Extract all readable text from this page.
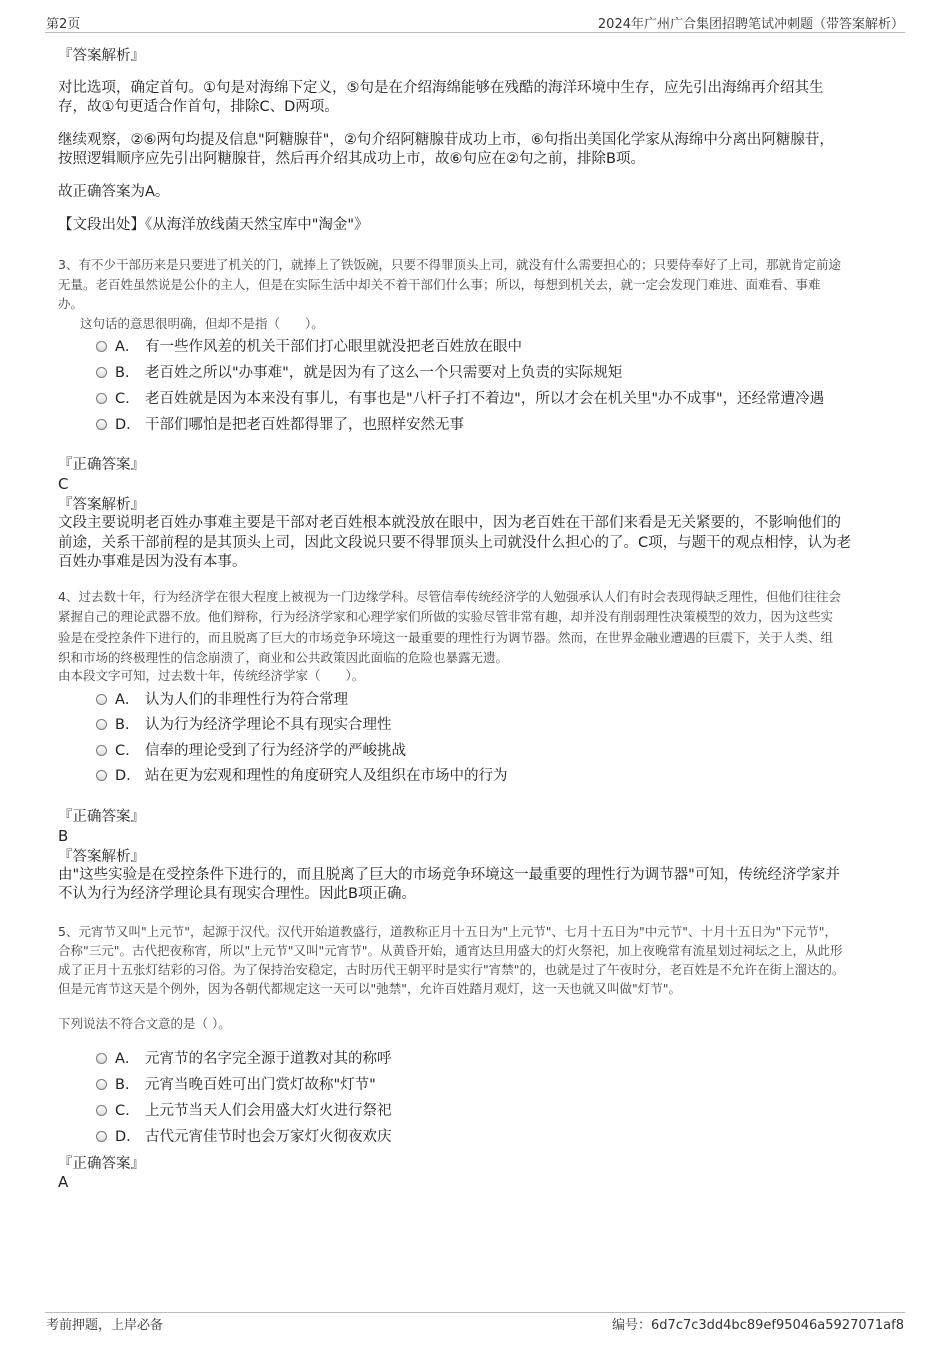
第2页	2024年广州广合集团招聘笔试冲刺题（带答案解析）
『答案解析』
对比选项，确定首句。①句是对海绵下定义，⑤句是在介绍海绵能够在残酷的海洋环境中生存，应先引出海绵再介绍其生
存，故①句更适合作首句，排除C、D两项。
继续观察，②⑥两句均提及信息"阿糖腺苷"，②句介绍阿糖腺苷成功上市，⑥句指出美国化学家从海绵中分离出阿糖腺苷，
按照逻辑顺序应先引出阿糖腺苷，然后再介绍其成功上市，故⑥句应在②句之前，排除B项。
故正确答案为A。
【文段出处】《从海洋放线菌天然宝库中"淘金"》
3、有不少干部历来是只要进了机关的门，就捧上了铁饭碗，只要不得罪顶头上司，就没有什么需要担心的；只要侍奉好了上司，那就肯定前途
无量。老百姓虽然说是公仆的主人，但是在实际生活中却关不着干部们什么事；所以，每想到机关去，就一定会发现门难进、面难看、事难
办。
这句话的意思很明确，但却不是指（　　）。
A． 有一些作风差的机关干部们打心眼里就没把老百姓放在眼中
B. 老百姓之所以"办事难"，就是因为有了这么一个只需要对上负责的实际规矩
C. 老百姓就是因为本来没有事儿，有事也是"八杆子打不着边"，所以才会在机关里"办不成事"，还经常遭冷遇
D. 干部们哪怕是把老百姓都得罪了，也照样安然无事
『正确答案』
C
『答案解析』
文段主要说明老百姓办事难主要是干部对老百姓根本就没放在眼中，因为老百姓在干部们来看是无关紧要的，不影响他们的
前途，关系干部前程的是其顶头上司，因此文段说只要不得罪顶头上司就没什么担心的了。C项，与题干的观点相悖，认为老
百姓办事难是因为没有本事。
4、过去数十年，行为经济学在很大程度上被视为一门边缘学科。尽管信奉传统经济学的人勉强承认人们有时会表现得缺乏理性，但他们往往会
紧握自己的理论武器不放。他们辩称，行为经济学家和心理学家们所做的实验尽管非常有趣，却并没有削弱理性决策模型的效力，因为这些实
验是在受控条件下进行的，而且脱离了巨大的市场竞争环境这一最重要的理性行为调节器。然而，在世界金融业遭遇的巨震下，关于人类、组
织和市场的终极理性的信念崩溃了，商业和公共政策因此面临的危险也暴露无遗。
由本段文字可知，过去数十年，传统经济学家（　　）。
A． 认为人们的非理性行为符合常理
B. 认为行为经济学理论不具有现实合理性
C. 信奉的理论受到了行为经济学的严峻挑战
D. 站在更为宏观和理性的角度研究人及组织在市场中的行为
『正确答案』
B
『答案解析』
由"这些实验是在受控条件下进行的，而且脱离了巨大的市场竞争环境这一最重要的理性行为调节器"可知，传统经济学家并
不认为行为经济学理论具有现实合理性。因此B项正确。
5、元宵节又叫"上元节"，起源于汉代。汉代开始道教盛行，道教称正月十五日为"上元节"、七月十五日为"中元节"、十月十五日为"下元节"，
合称"三元"。古代把夜称宵，所以"上元节"又叫"元宵节"。从黄昏开始，通宵达旦用盛大的灯火祭祀，加上夜晚常有流星划过祠坛之上，从此形
成了正月十五张灯结彩的习俗。为了保持治安稳定，古时历代王朝平时是实行"宵禁"的，也就是过了午夜时分，老百姓是不允许在街上溜达的。
但是元宵节这天是个例外，因为各朝代都规定这一天可以"弛禁"，允许百姓踏月观灯，这一天也就又叫做"灯节"。
下列说法不符合文意的是（ ）。
A． 元宵节的名字完全源于道教对其的称呼
B. 元宵当晚百姓可出门赏灯故称"灯节"
C. 上元节当天人们会用盛大灯火进行祭祀
D. 古代元宵佳节时也会万家灯火彻夜欢庆
『正确答案』
A
考前押题，上岸必备	编号：6d7c7c3dd4bc89ef95046a5927071af8
